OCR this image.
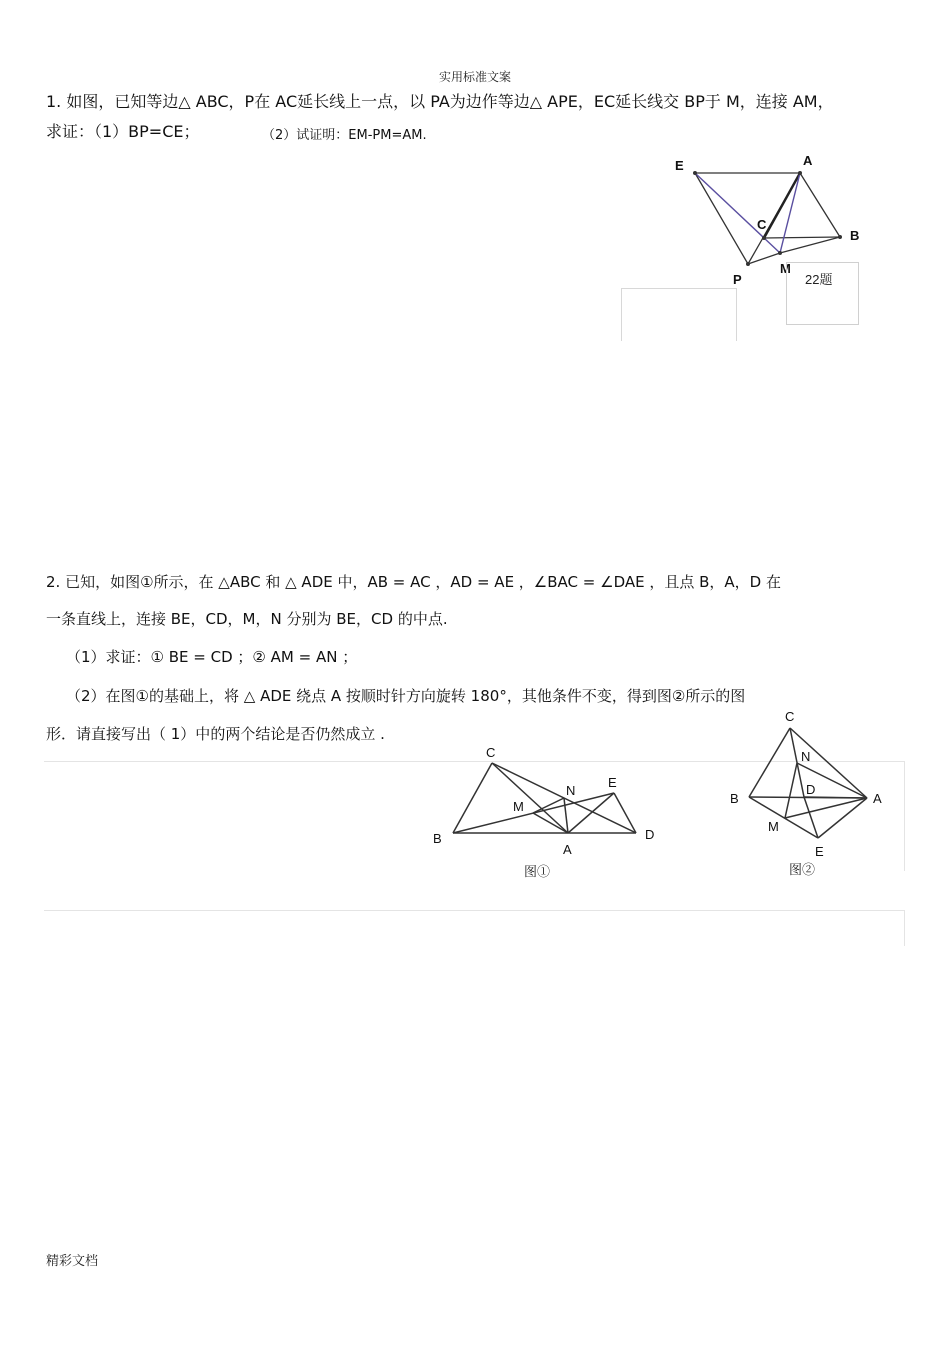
实用标准文案
1. 如图，已知等边△ ABC，P在 AC延长线上一点，以 PA为边作等边△ APE，EC延长线交 BP于 M，连接 AM，
求证：（1）BP=CE；	（2）试证明：EM-PM=AM.
E	A
C
B
M
P	22题
2. 已知，如图①所示，在 △ABC 和 △ ADE 中，AB = AC ，AD = AE ，∠BAC = ∠DAE ，且点 B，A，D 在
一条直线上，连接 BE，CD，M，N 分别为 BE，CD 的中点.
（1）求证：① BE = CD ；② AM = AN ；
（2）在图①的基础上，将 △ ADE 绕点 A 按顺时针方向旋转 180°，其他条件不变，得到图②所示的图
形．请直接写出（ 1）中的两个结论是否仍然成立 .
C
N
E
M
B
A
D
图①
C
N
D
B	A
M
E
图②
精彩文档
